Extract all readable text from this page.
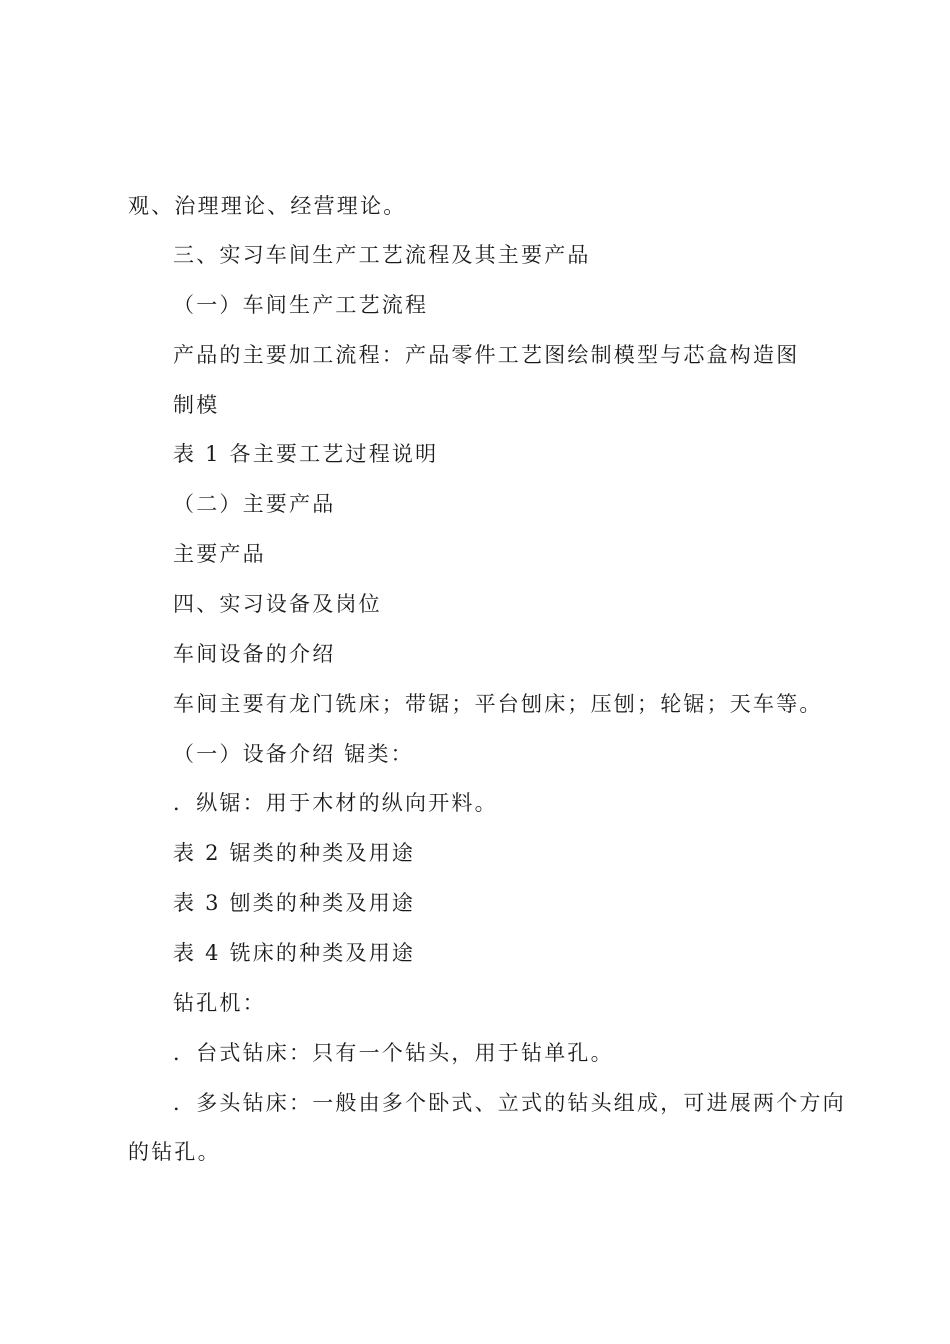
观、治理理论、经营理论。
三、实习车间生产工艺流程及其主要产品
（一）车间生产工艺流程
产品的主要加工流程：产品零件工艺图绘制模型与芯盒构造图
制模
表 1 各主要工艺过程说明
（二）主要产品
主要产品
四、实习设备及岗位
车间设备的介绍
车间主要有龙门铣床；带锯；平台刨床；压刨；轮锯；天车等。
（一）设备介绍 锯类：
．纵锯：用于木材的纵向开料。
表 2 锯类的种类及用途
表 3 刨类的种类及用途
表 4 铣床的种类及用途
钻孔机：
．台式钻床：只有一个钻头，用于钻单孔。
．多头钻床：一般由多个卧式、立式的钻头组成，可进展两个方向
的钻孔。
